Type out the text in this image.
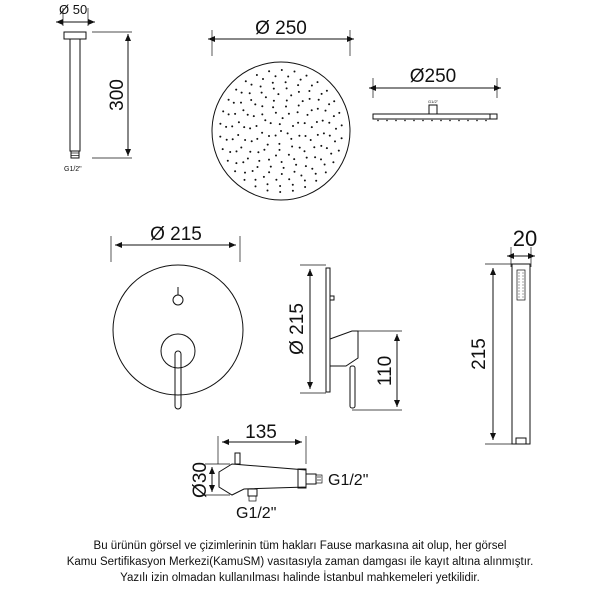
Ø 50
G1/2"
300
Ø 250
Ø250
G1/2"
Ø 215
Ø 215
110
20
215
135
Ø30	G1/2"
G1/2"
Bu ürünün görsel ve çizimlerinin tüm hakları Fause markasına ait olup, her görsel
Kamu Sertifikasyon Merkezi(KamuSM) vasıtasıyla zaman damgası ile kayıt altına alınmıştır.
Yazılı izin olmadan kullanılması halinde İstanbul mahkemeleri yetkilidir.
